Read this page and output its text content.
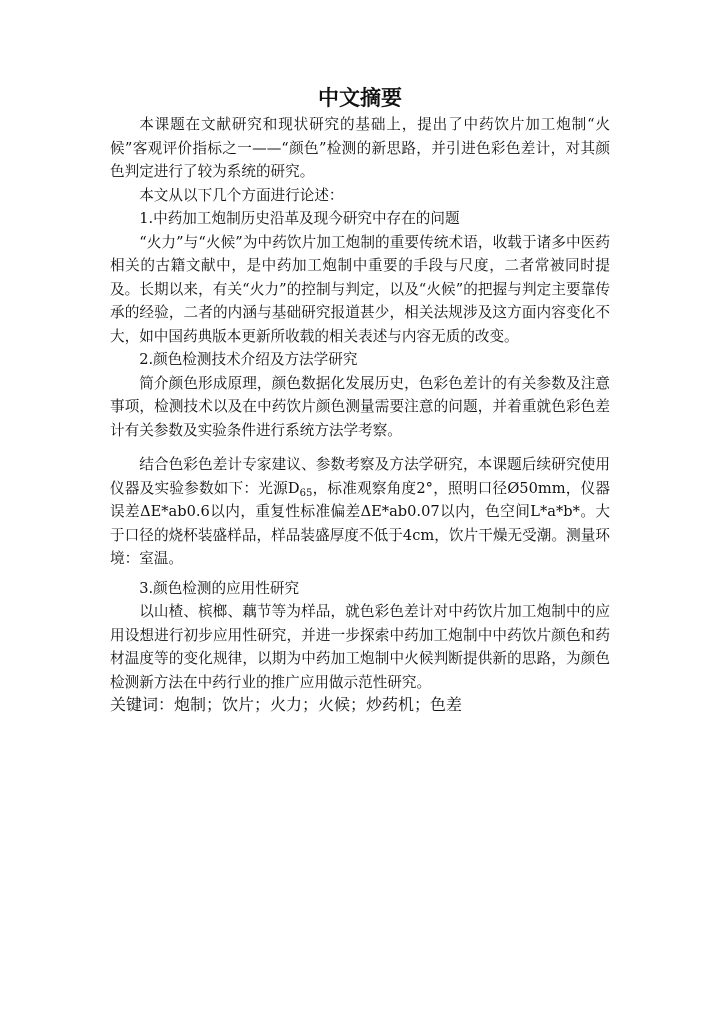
中文摘要

本课题在文献研究和现状研究的基础上，提出了中药饮片加工炮制“火候”客观评价指标之一——“颜色”检测的新思路，并引进色彩色差计，对其颜色判定进行了较为系统的研究。

本文从以下几个方面进行论述：

1.中药加工炮制历史沿革及现今研究中存在的问题

“火力”与“火候”为中药饮片加工炮制的重要传统术语，收载于诸多中医药相关的古籍文献中，是中药加工炮制中重要的手段与尺度，二者常被同时提及。长期以来，有关“火力”的控制与判定，以及“火候”的把握与判定主要靠传承的经验，二者的内涵与基础研究报道甚少，相关法规涉及这方面内容变化不大，如中国药典版本更新所收载的相关表述与内容无质的改变。

2.颜色检测技术介绍及方法学研究

简介颜色形成原理，颜色数据化发展历史，色彩色差计的有关参数及注意事项，检测技术以及在中药饮片颜色测量需要注意的问题，并着重就色彩色差计有关参数及实验条件进行系统方法学考察。

结合色彩色差计专家建议、参数考察及方法学研究，本课题后续研究使用仪器及实验参数如下：光源$D_{65}$，标准观察角度2°，照明口径Ø50mm，仪器误差ΔE*ab0.6以内，重复性标准偏差ΔE*ab0.07以内，色空间L*a*b*。大于口径的烧杯装盛样品，样品装盛厚度不低于4cm，饮片干燥无受潮。测量环境：室温。

3.颜色检测的应用性研究

以山楂、槟榔、藕节等为样品，就色彩色差计对中药饮片加工炮制中的应用设想进行初步应用性研究，并进一步探索中药加工炮制中中药饮片颜色和药材温度等的变化规律，以期为中药加工炮制中火候判断提供新的思路，为颜色检测新方法在中药行业的推广应用做示范性研究。

关键词：炮制；饮片；火力；火候；炒药机；色差
